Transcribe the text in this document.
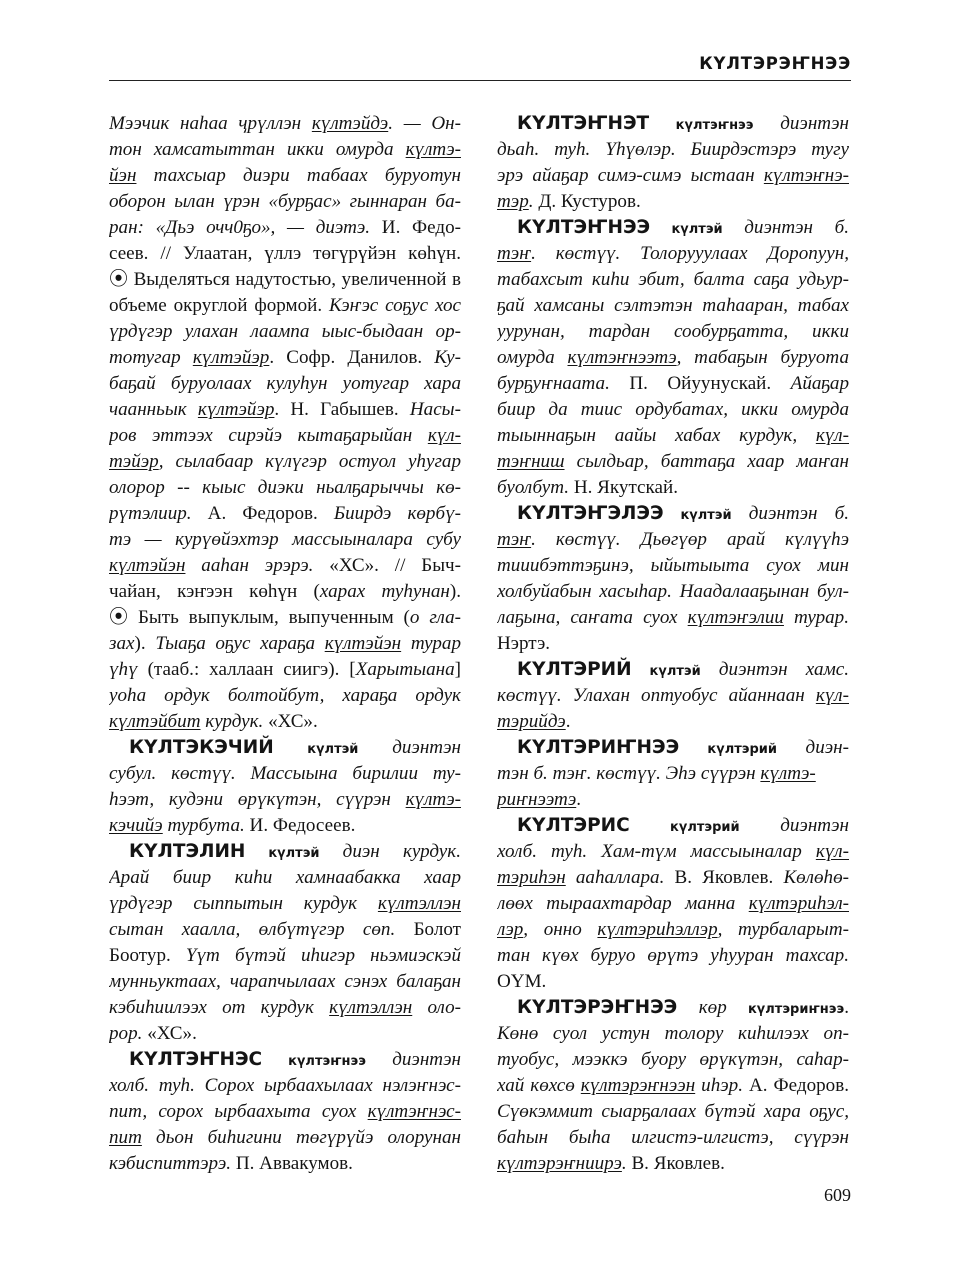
КҮЛТЭРЭҤНЭЭ
Мээчик наһаа ҷрүллэн күлтэйдэ. — Он-
тон хамсатыттан икки омурда күлтэ-
йэн тахсыар диэри табаах буруотун
оборон ылан үрэн «бурҕас» гыннаран ба-
ран: «Дьэ очч0ҕо», — диэтэ. И. Федо-
сеев. // Улаатан, үллэ төгүрүйэн көһүн.
⦿ Выделяться надутостью, увеличенной в
объеме округлой формой. Кэҥэс соҕус хос
үрдүгэр улахан лаампа ыыс-быдаан ор-
тотугар күлтэйэр. Софр. Данилов. Ку-
баҕай буруолаах кулуһун уотугар хара
чаанньык күлтэйэр. Н. Габышев. Насы-
ров эттээх сирэйэ кытаҕарыйан күл-
тэйэр, сылабаар күлүгэр остуол уһугар
олорор -- кыыс диэки ньалҕарыччы кө-
рүтэлиир. А. Федоров. Биирдэ көрбү-
тэ — курүөйэхтэр массыыналара субу
күлтэйэн ааһан эрэрэ. «ХС». // Быч-
чайан, кэҥээн көһүн (харах туһунан).
⦿ Быть выпуклым, выпученным (о гла-
зах). Тыаҕа оҕус хараҕа күлтэйэн турар
үһү (тааб.: халлаан сиигэ). [Харытыана]
уоһа ордук болтойбут, хараҕа ордук
күлтэйбит курдук. «ХС».
КҮЛТЭКЭЧИЙ күлтэй диэнтэн
субул. көстүү. Массыына бирилии ту-
һээт, кудэни өрүкүтэн, сүүрэн күлтэ-
кэчийэ турбута. И. Федосеев.
КҮЛТЭЛИН күлтэй диэн курдук.
Арай биир киһи хамнаабакка хаар
үрдүгэр сыппытын курдук күлтэллэн
сытан хаалла, өлбүтүгэр сөп. Болот
Боотур. Үүт бүтэй иһигэр ньэмиэскэй
мунньуктаах, чарапчылаах сэнэх балаҕан
кэбиһиилээх от курдук күлтэллэн оло-
рор. «ХС».
КҮЛТЭҤНЭС күлтэҥнээ диэнтэн
холб. туһ. Сорох ырбаахылаах нэлэҥнэс-
пит, сорох ырбаахыта суох күлтэҥнэс-
пит дьон биһигини төгүрүйэ олорунан
кэбиспиттэрэ. П. Аввакумов.
КҮЛТЭҤНЭТ күлтэҥнээ диэнтэн
дьаһ. туһ. Үһүөлэр. Биирдэстэрэ тугу
эрэ айаҕар симэ-симэ ыстаан күлтэҥнэ-
тэр. Д. Кустуров.
КҮЛТЭҤНЭЭ күлтэй диэнтэн б.
тэҥ. көстүү. Толорууулаах Доропуун,
табахсыт киһи эбит, балта саҕа удьур-
ҕай хамсаны сэлтэтэн таһааран, табах
уурунан, тардан сообурҕатта, икки
омурда күлтэҥнээтэ, табаҕын буруота
бурҕуҥнаата. П. Ойуунускай. Айаҕар
биир да тиис ордубатах, икки омурда
тыыннаҕын аайы хабах курдук, күл-
тэҥниш сылдьар, баттаҕа хаар маҥан
буолбут. Н. Якутскай.
КҮЛТЭҤЭЛЭЭ күлтэй диэнтэн б.
тэҥ. көстүү. Дьөгүөр арай күлүүһэ
тииибэттэҕинэ, ыйытыыта суох мин
холбуйабын хасыһар. Наадалааҕынан бул-
лаҕына, саҥата суох күлтэҥэлии турар.
Нэртэ.
КҮЛТЭРИЙ күлтэй диэнтэн хамс.
көстүү. Улахан оптуобус айаннаан күл-
тэрийдэ.
КҮЛТЭРИҤНЭЭ күлтэрий диэн-
тэн б. тэҥ. көстүү. Эһэ сүүрэн күлтэ-
риҥнээтэ.
КҮЛТЭРИС күлтэрий диэнтэн
холб. туһ. Хам-түм массыыналар күл-
тэриһэн ааһаллара. В. Яковлев. Көлөһө-
лөөх тыраахтардар манна күлтэриһэл-
лэр, онно күлтэриһэллэр, турбаларыт-
тан күөх буруо өрүтэ уһууран тахсар.
ОҮМ.
КҮЛТЭРЭҤНЭЭ көр күлтэриҥнээ.
Көнө суол устун толору киһилээх оп-
туобус, мээккэ буору өрүкүтэн, саһар-
хай көхсө күлтэрэҥнээн иһэр. А. Федоров.
Сүөкэммит сыарҕалаах бүтэй хара оҕус,
баһын быһа илгистэ-илгистэ, сүүрэн
күлтэрэҥниирэ. В. Яковлев.
609
